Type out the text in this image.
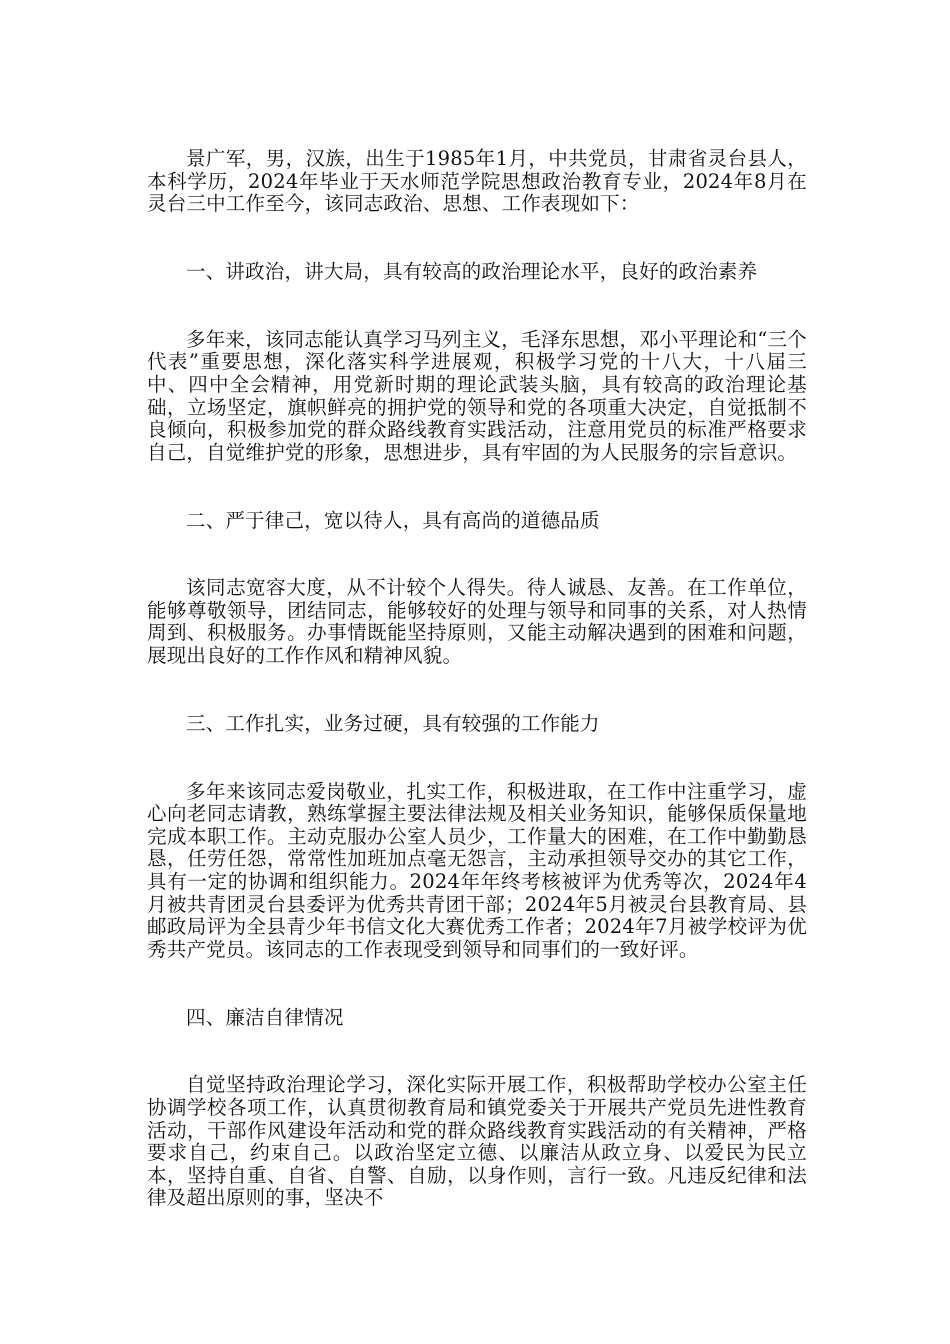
景广军，男，汉族，出生于1985年1月，中共党员，甘肃省灵台县人，本科学历，2024年毕业于天水师范学院思想政治教育专业，2024年8月在灵台三中工作至今，该同志政治、思想、工作表现如下：

一、讲政治，讲大局，具有较高的政治理论水平，良好的政治素养

多年来，该同志能认真学习马列主义，毛泽东思想，邓小平理论和“三个代表”重要思想，深化落实科学进展观，积极学习党的十八大，十八届三中、四中全会精神，用党新时期的理论武装头脑，具有较高的政治理论基础，立场坚定，旗帜鲜亮的拥护党的领导和党的各项重大决定，自觉抵制不良倾向，积极参加党的群众路线教育实践活动，注意用党员的标准严格要求自己，自觉维护党的形象，思想进步，具有牢固的为人民服务的宗旨意识。

二、严于律己，宽以待人，具有高尚的道德品质

该同志宽容大度，从不计较个人得失。待人诚恳、友善。在工作单位，能够尊敬领导，团结同志，能够较好的处理与领导和同事的关系，对人热情周到、积极服务。办事情既能坚持原则，又能主动解决遇到的困难和问题，展现出良好的工作作风和精神风貌。

三、工作扎实，业务过硬，具有较强的工作能力

多年来该同志爱岗敬业，扎实工作，积极进取，在工作中注重学习，虚心向老同志请教，熟练掌握主要法律法规及相关业务知识，能够保质保量地完成本职工作。主动克服办公室人员少，工作量大的困难，在工作中勤勤恳恳，任劳任怨，常常性加班加点毫无怨言，主动承担领导交办的其它工作，具有一定的协调和组织能力。2024年年终考核被评为优秀等次，2024年4月被共青团灵台县委评为优秀共青团干部；2024年5月被灵台县教育局、县邮政局评为全县青少年书信文化大赛优秀工作者；2024年7月被学校评为优秀共产党员。该同志的工作表现受到领导和同事们的一致好评。

四、廉洁自律情况

自觉坚持政治理论学习，深化实际开展工作，积极帮助学校办公室主任协调学校各项工作，认真贯彻教育局和镇党委关于开展共产党员先进性教育活动，干部作风建设年活动和党的群众路线教育实践活动的有关精神，严格要求自己，约束自己。以政治坚定立德、以廉洁从政立身、以爱民为民立本，坚持自重、自省、自警、自励，以身作则，言行一致。凡违反纪律和法律及超出原则的事，坚决不
